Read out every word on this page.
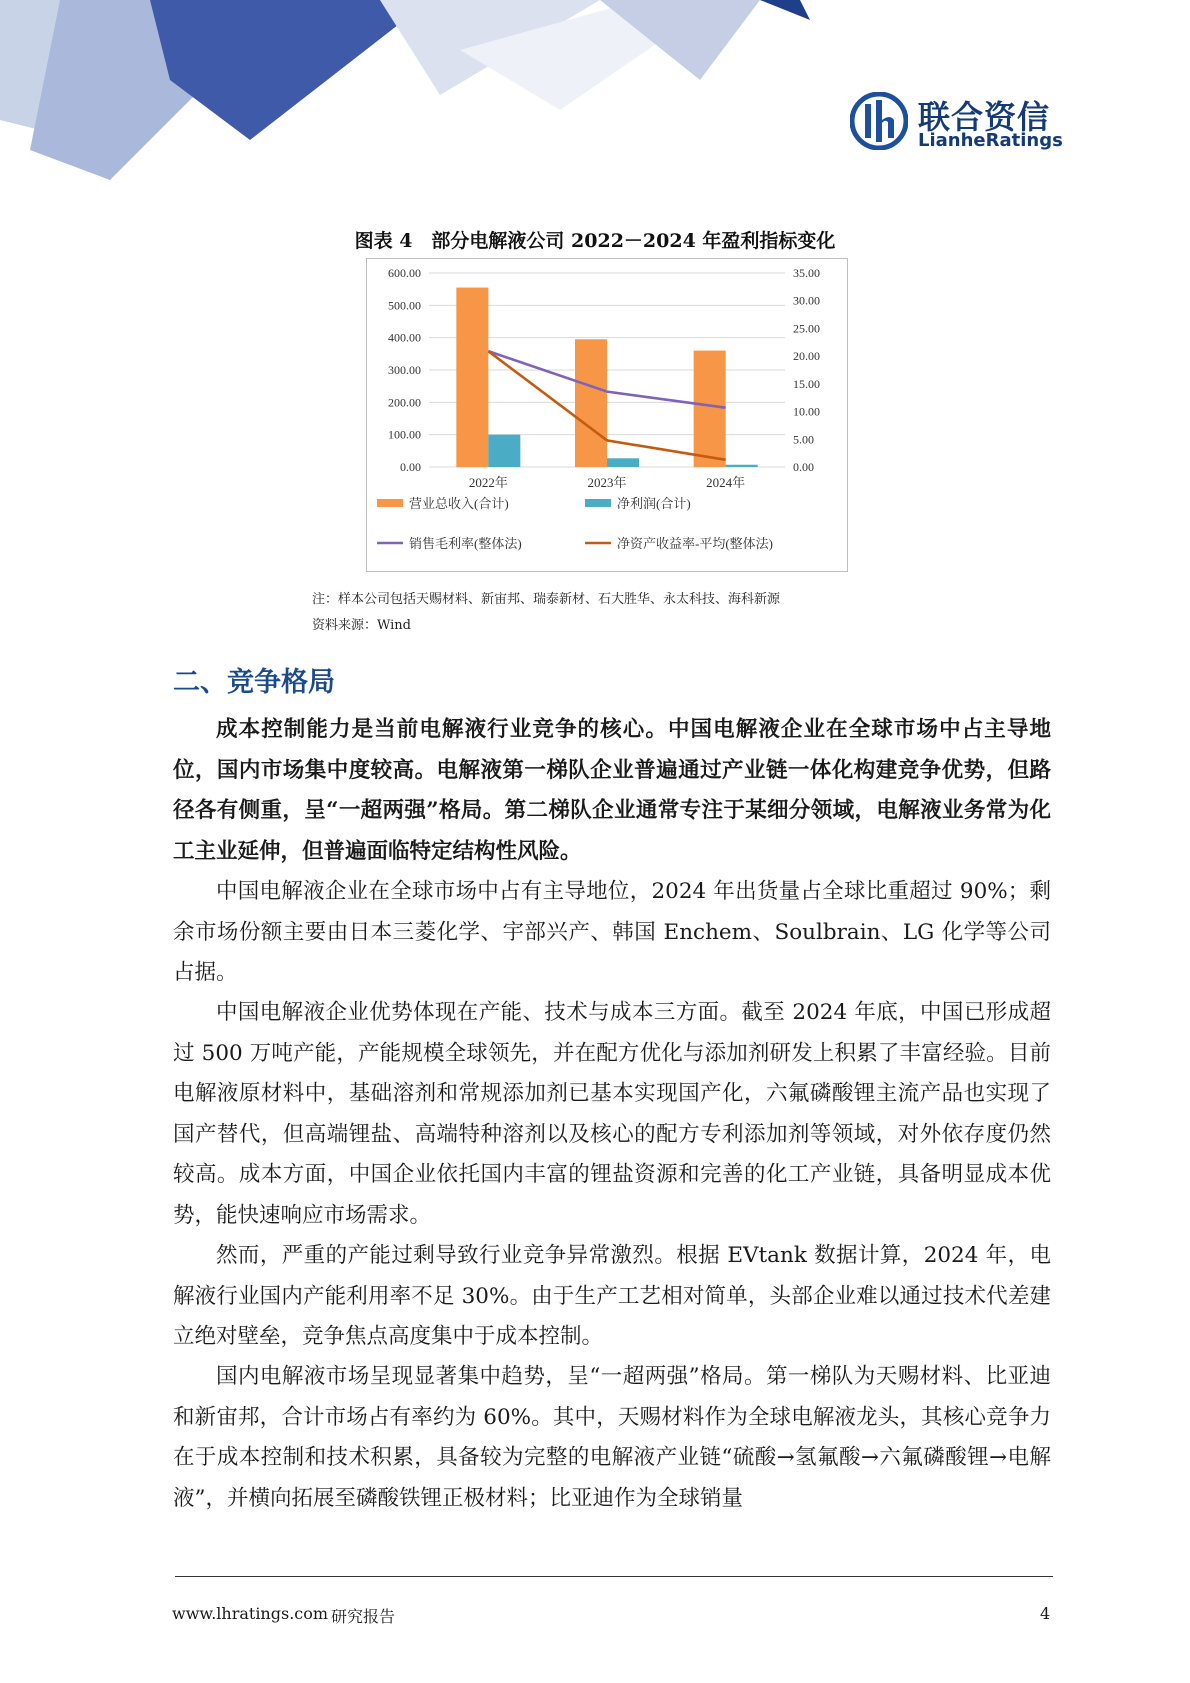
联合资信
LianheRatings
图表 4　部分电解液公司 2022－2024 年盈利指标变化
600.00
500.00
400.00
300.00
200.00
100.00
0.00
35.00
30.00
25.00
20.00
15.00
10.00
5.00
0.00
2022年	2023年	2024年
营业总收入(合计)	净利润(合计)
销售毛利率(整体法)	净资产收益率-平均(整体法)
注：样本公司包括天赐材料、新宙邦、瑞泰新材、石大胜华、永太科技、海科新源
资料来源：Wind
二、竞争格局

成本控制能力是当前电解液行业竞争的核心。中国电解液企业在全球市场中占主导地位，国内市场集中度较高。电解液第一梯队企业普遍通过产业链一体化构建竞争优势，但路径各有侧重，呈“一超两强”格局。第二梯队企业通常专注于某细分领域，电解液业务常为化工主业延伸，但普遍面临特定结构性风险。

中国电解液企业在全球市场中占有主导地位，2024 年出货量占全球比重超过 90%；剩余市场份额主要由日本三菱化学、宇部兴产、韩国 Enchem、Soulbrain、LG 化学等公司占据。

中国电解液企业优势体现在产能、技术与成本三方面。截至 2024 年底，中国已形成超过 500 万吨产能，产能规模全球领先，并在配方优化与添加剂研发上积累了丰富经验。目前电解液原材料中，基础溶剂和常规添加剂已基本实现国产化，六氟磷酸锂主流产品也实现了国产替代，但高端锂盐、高端特种溶剂以及核心的配方专利添加剂等领域，对外依存度仍然较高。成本方面，中国企业依托国内丰富的锂盐资源和完善的化工产业链，具备明显成本优势，能快速响应市场需求。

然而，严重的产能过剩导致行业竞争异常激烈。根据 EVtank 数据计算，2024 年，电解液行业国内产能利用率不足 30%。由于生产工艺相对简单，头部企业难以通过技术代差建立绝对壁垒，竞争焦点高度集中于成本控制。

国内电解液市场呈现显著集中趋势，呈“一超两强”格局。第一梯队为天赐材料、比亚迪和新宙邦，合计市场占有率约为 60%。其中，天赐材料作为全球电解液龙头，其核心竞争力在于成本控制和技术积累，具备较为完整的电解液产业链“硫酸→氢氟酸→六氟磷酸锂→电解液”，并横向拓展至磷酸铁锂正极材料；比亚迪作为全球销量

www.lhratings.com 研究报告	4
